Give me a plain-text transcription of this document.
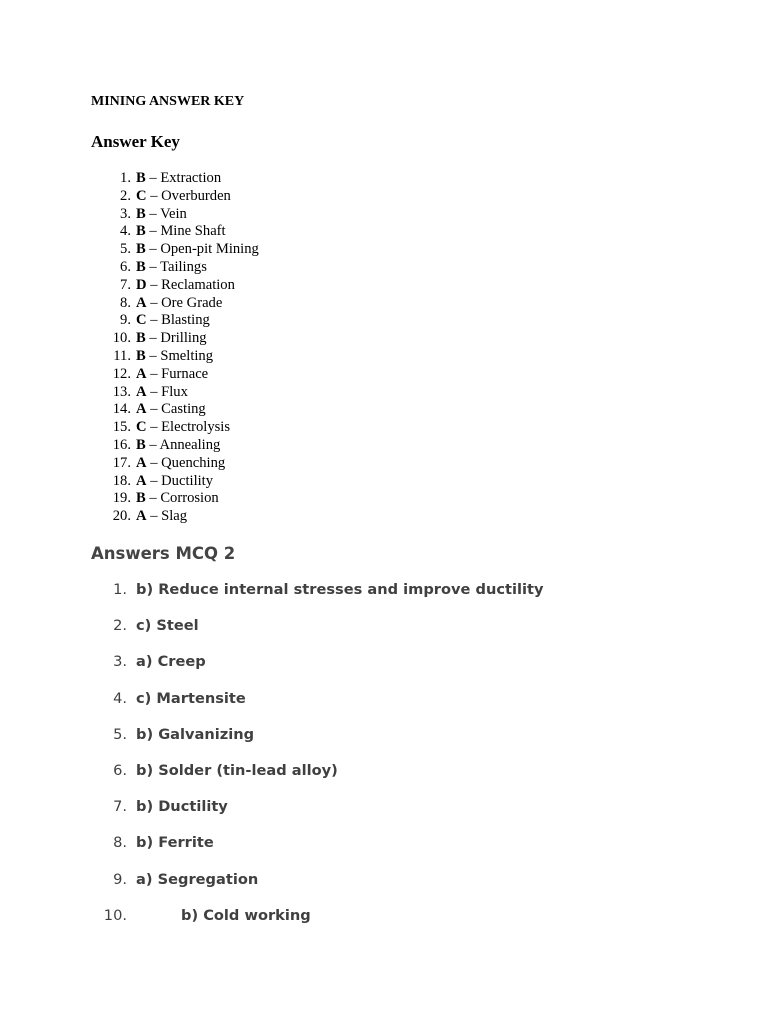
MINING ANSWER KEY
Answer Key
1. B – Extraction
2. C – Overburden
3. B – Vein
4. B – Mine Shaft
5. B – Open-pit Mining
6. B – Tailings
7. D – Reclamation
8. A – Ore Grade
9. C – Blasting
10. B – Drilling
11. B – Smelting
12. A – Furnace
13. A – Flux
14. A – Casting
15. C – Electrolysis
16. B – Annealing
17. A – Quenching
18. A – Ductility
19. B – Corrosion
20. A – Slag
Answers MCQ 2
1. b) Reduce internal stresses and improve ductility
2. c) Steel
3. a) Creep
4. c) Martensite
5. b) Galvanizing
6. b) Solder (tin-lead alloy)
7. b) Ductility
8. b) Ferrite
9. a) Segregation
10.	b) Cold working
